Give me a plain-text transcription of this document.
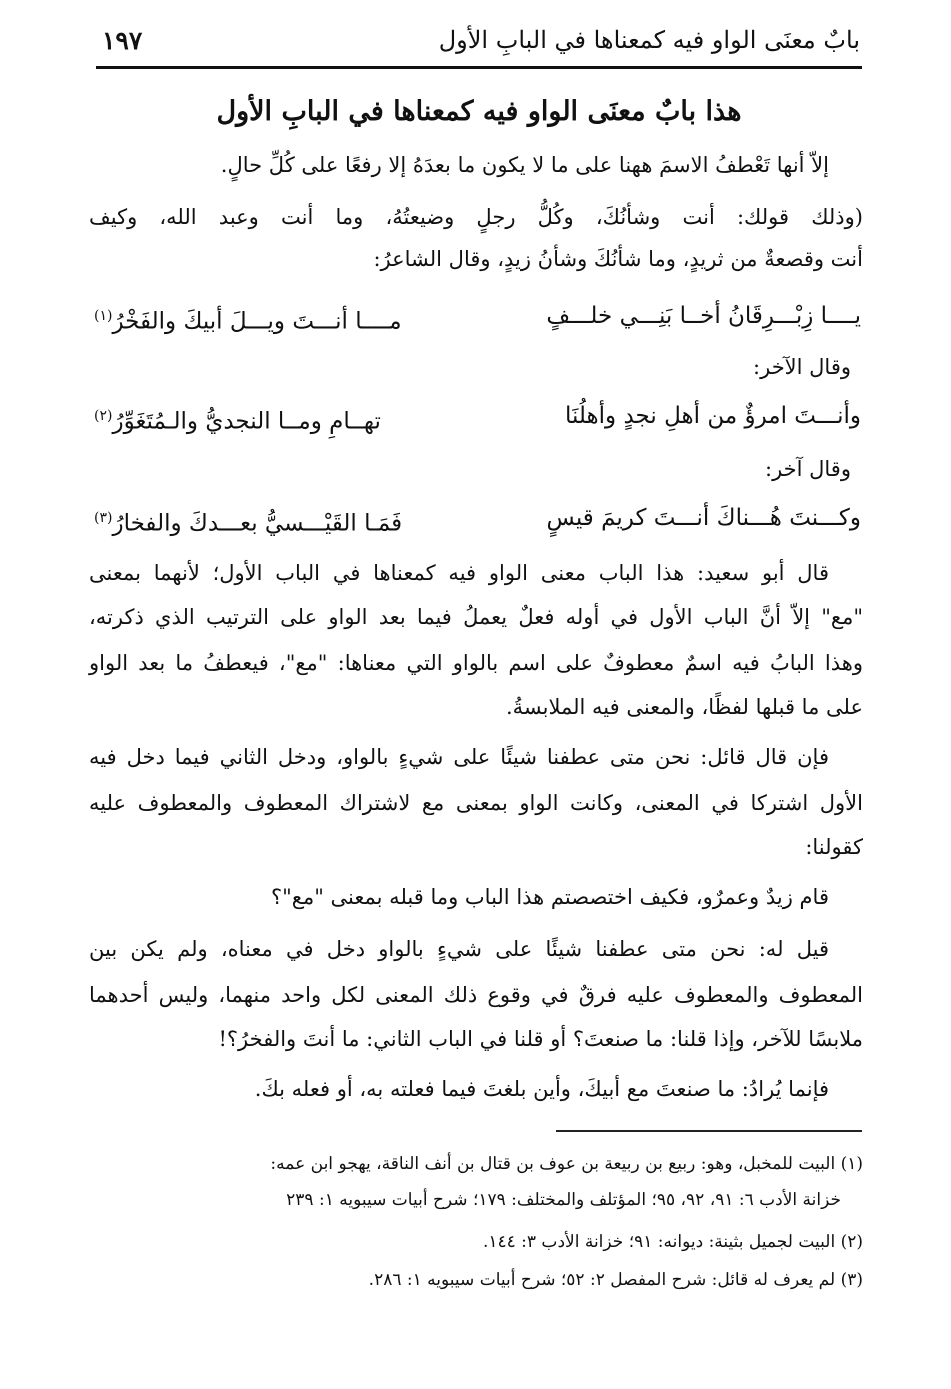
بابٌ معنَى الواو فيه كمعناها في البابِ الأول
١٩٧
هذا بابٌ معنَى الواو فيه كمعناها في البابِ الأول
إلاّ أنها تَعْطفُ الاسمَ ههنا على ما لا يكون ما بعدَهُ إلا رفعًا على كُلِّ حالٍ.
(وذلك قولك: أنت وشأنُكَ، وكُلُّ رجلٍ وضيعتُهُ، وما أنت وعبد الله، وكيف
أنت وقصعةٌ من ثريدٍ، وما شأنُكَ وشأنُ زيدٍ، وقال الشاعرُ:
يــــا زِبْـــرِقَانُ أخــا بَنِـــي خلـــفٍ
مــــا أنـــتَ ويـــلَ أبيكَ والفَخْرُ$^{(١)}$
وقال الآخر:
وأنـــتَ امرؤٌ من أهلِ نجدٍ وأهلُنَا
تهــامِ ومــا النجديُّ والـمُتَغَوِّرُ$^{(٢)}$
وقال آخر:
وكـــنتَ هُـــناكَ أنـــتَ كريمَ قيسٍ
فَمَـا القَيْـــسيُّ بعـــدكَ والفخارُ$^{(٣)}$
قال أبو سعيد: هذا الباب معنى الواو فيه كمعناها في الباب الأول؛ لأنهما بمعنى
"مع" إلاّ أنَّ الباب الأول في أوله فعلٌ يعملُ فيما بعد الواو على الترتيب الذي ذكرته،
وهذا البابُ فيه اسمٌ معطوفٌ على اسم بالواو التي معناها: "مع"، فيعطفُ ما بعد الواو
على ما قبلها لفظًا، والمعنى فيه الملابسةُ.
فإن قال قائل: نحن متى عطفنا شيئًا على شيءٍ بالواو، ودخل الثاني فيما دخل فيه
الأول اشتركا في المعنى، وكانت الواو بمعنى مع لاشتراك المعطوف والمعطوف عليه
كقولنا:
قام زيدٌ وعمرٌو، فكيف اختصصتم هذا الباب وما قبله بمعنى "مع"؟
قيل له: نحن متى عطفنا شيئًا على شيءٍ بالواو دخل في معناه، ولم يكن بين
المعطوف والمعطوف عليه فرقٌ في وقوع ذلك المعنى لكل واحد منهما، وليس أحدهما
ملابسًا للآخر، وإذا قلنا: ما صنعتَ؟ أو قلنا في الباب الثاني: ما أنتَ والفخرُ؟!
فإنما يُرادُ: ما صنعتَ مع أبيكَ، وأين بلغتَ فيما فعلته به، أو فعله بكَ.
(١) البيت للمخبل، وهو: ربيع بن ربيعة بن عوف بن قتال بن أنف الناقة، يهجو ابن عمه:
خزانة الأدب ٦: ٩١، ٩٢، ٩٥؛ المؤتلف والمختلف: ١٧٩؛ شرح أبيات سيبويه ١: ٢٣٩
(٢) البيت لجميل بثينة: ديوانه: ٩١؛ خزانة الأدب ٣: ١٤٤.
(٣) لم يعرف له قائل: شرح المفصل ٢: ٥٢؛ شرح أبيات سيبويه ١: ٢٨٦.
